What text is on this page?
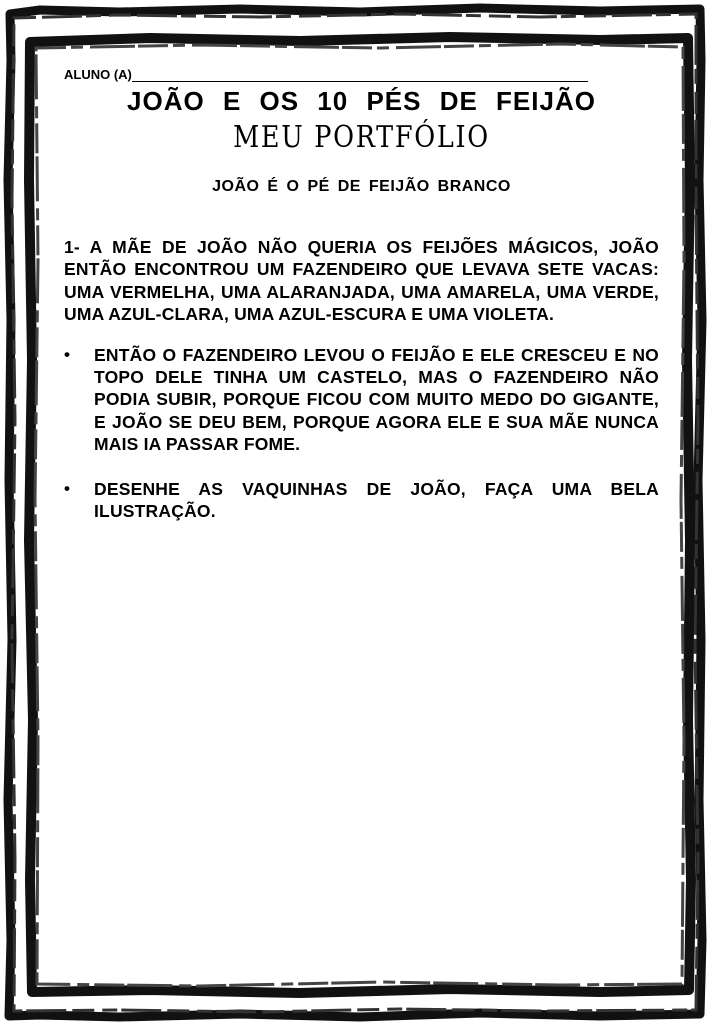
ALUNO (A)
JOÃO E OS 10 PÉS DE FEIJÃO
MEU PORTFÓLIO
JOÃO É O PÉ DE FEIJÃO BRANCO
1- A MÃE DE JOÃO NÃO QUERIA OS FEIJÕES MÁGICOS, JOÃO ENTÃO ENCONTROU UM FAZENDEIRO QUE LEVAVA SETE VACAS: UMA VERMELHA, UMA ALARANJADA, UMA AMARELA, UMA VERDE, UMA AZUL-CLARA, UMA AZUL-ESCURA E UMA VIOLETA.
• ENTÃO O FAZENDEIRO LEVOU O FEIJÃO E ELE CRESCEU E NO TOPO DELE TINHA UM CASTELO, MAS O FAZENDEIRO NÃO PODIA SUBIR, PORQUE FICOU COM MUITO MEDO DO GIGANTE, E JOÃO SE DEU BEM, PORQUE AGORA ELE E SUA MÃE NUNCA MAIS IA PASSAR FOME.
• DESENHE AS VAQUINHAS DE JOÃO, FAÇA UMA BELA ILUSTRAÇÃO.
